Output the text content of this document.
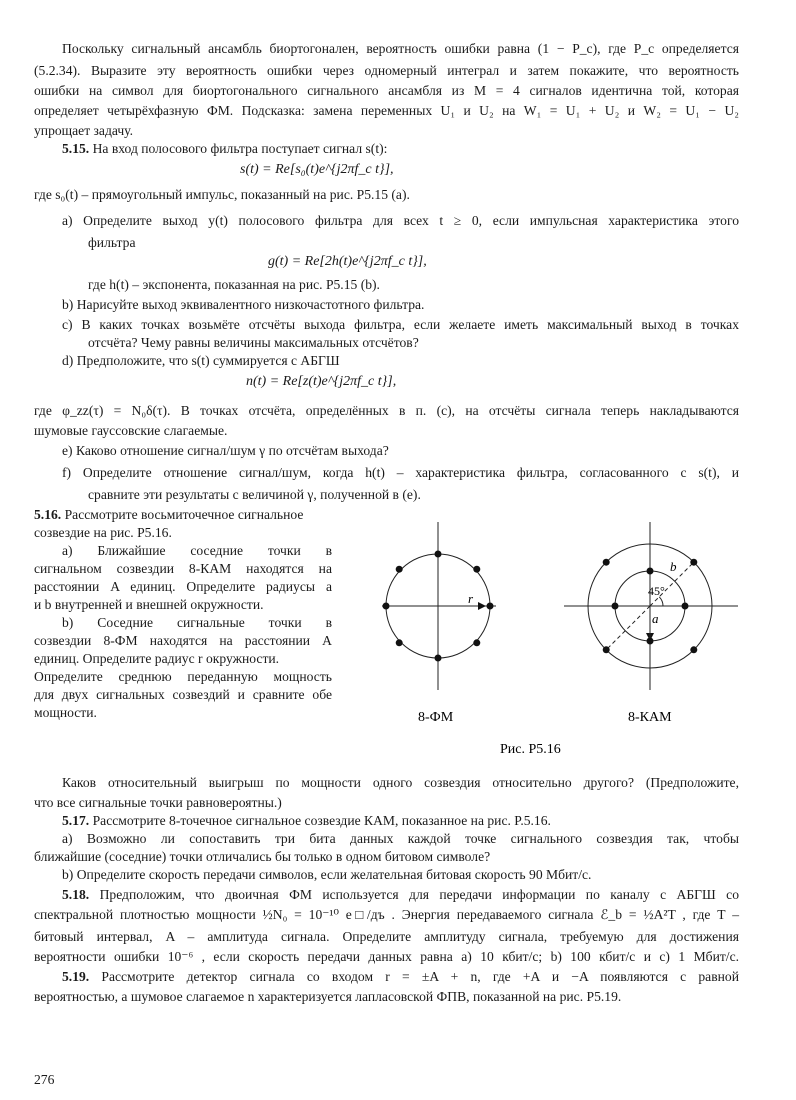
Поскольку сигнальный ансамбль биортогонален, вероятность ошибки равна (1 − P_c), где P_c определяется
(5.2.34). Выразите эту вероятность ошибки через одномерный интеграл и затем покажите, что вероятность
ошибки на символ для биортогонального сигнального ансамбля из M = 4 сигналов идентична той, которая
определяет четырёхфазную ФМ. Подсказка: замена переменных U₁ и U₂ на W₁ = U₁ + U₂ и W₂ = U₁ − U₂
упрощает задачу.
5.15. На вход полосового фильтра поступает сигнал s(t):
s(t) = Re[s₀(t)e^{j2πf_c t}],
где s₀(t) – прямоугольный импульс, показанный на рис. P5.15 (a).
a) Определите выход y(t) полосового фильтра для всех t ≥ 0, если импульсная характеристика этого
фильтра
g(t) = Re[2h(t)e^{j2πf_c t}],
где h(t) – экспонента, показанная на рис. P5.15 (b).
b) Нарисуйте выход эквивалентного низкочастотного фильтра.
c) В каких точках возьмёте отсчёты выхода фильтра, если желаете иметь максимальный выход в точках
отсчёта? Чему равны величины максимальных отсчётов?
d) Предположите, что s(t) суммируется с АБГШ
n(t) = Re[z(t)e^{j2πf_c t}],
где φ_zz(τ) = N₀δ(τ). В точках отсчёта, определённых в п. (c), на отсчёты сигнала теперь накладываются
шумовые гауссовские слагаемые.
e) Каково отношение сигнал/шум γ по отсчётам выхода?
f) Определите отношение сигнал/шум, когда h(t) – характеристика фильтра, согласованного с s(t), и
сравните эти результаты с величиной γ, полученной в (e).
5.16. Рассмотрите восьмиточечное сигнальное
созвездие на рис. P5.16.
a) Ближайшие соседние точки в
сигнальном созвездии 8-КАМ находятся на
расстоянии A единиц. Определите радиусы a
и b внутренней и внешней окружности.
b) Соседние сигнальные точки в
созвездии 8-ФМ находятся на расстоянии A
единиц. Определите радиус r окружности.
Определите среднюю переданную мощность
для двух сигнальных созвездий и сравните обе
мощности.
r
b
45°
a
8-ФМ	8-КАМ
Рис. P5.16
Каков относительный выигрыш по мощности одного созвездия относительно другого? (Предположите,
что все сигнальные точки равновероятны.)
5.17. Рассмотрите 8-точечное сигнальное созвездие КАМ, показанное на рис. P.5.16.
a) Возможно ли сопоставить три бита данных каждой точке сигнального созвездия так, чтобы
ближайшие (соседние) точки отличались бы только в одном битовом символе?
b) Определите скорость передачи символов, если желательная битовая скорость 90 Мбит/с.
5.18. Предположим, что двоичная ФМ используется для передачи информации по каналу с АБГШ со
спектральной плотностью мощности ½N₀ = 10⁻¹⁰ е□/дъ . Энергия передаваемого сигнала ℰ_b = ½A²T , где T –
битовый интервал, A – амплитуда сигнала. Определите амплитуду сигнала, требуемую для достижения
вероятности ошибки 10⁻⁶ , если скорость передачи данных равна a) 10 кбит/с; b) 100 кбит/с и c) 1 Мбит/с.
5.19. Рассмотрите детектор сигнала со входом r = ±A + n, где +A и −A появляются с равной
вероятностью, а шумовое слагаемое n характеризуется лапласовской ФПВ, показанной на рис. P5.19.
276
